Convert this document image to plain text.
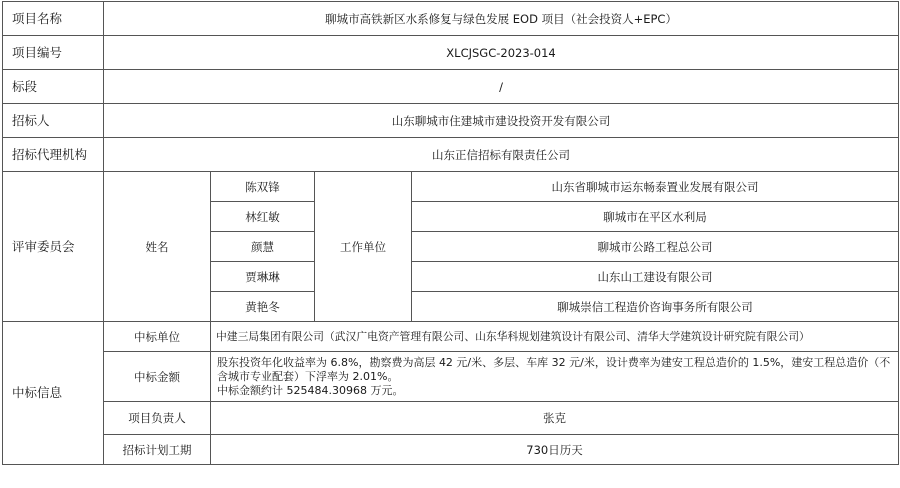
项目名称	聊城市高铁新区水系修复与绿色发展 EOD 项目（社会投资人+EPC）			
项目编号	XLCJSGC-2023-014			
标段	/			
招标人	山东聊城市住建城市建设投资开发有限公司			
招标代理机构	山东正信招标有限责任公司			
评审委员会	姓名	陈双锋	工作单位	山东省聊城市运东畅泰置业发展有限公司
		林红敏		聊城市在平区水利局
		颜慧		聊城市公路工程总公司
		贾琳琳		山东山工建设有限公司
		黄艳冬		聊城崇信工程造价咨询事务所有限公司
中标信息	中标单位	中建三局集团有限公司（武汉广电资产管理有限公司、山东华科规划建筑设计有限公司、清华大学建筑设计研究院有限公司）		
	中标金额	股东投资年化收益率为 6.8%，勘察费为高层 42 元/米、多层、车库 32 元/米，设计费率为建安工程总造价的 1.5%，建安工程总造价（不含城市专业配套）下浮率为 2.01%。
中标金额约计 525484.30968 万元。		

	项目负责人	张克		
	招标计划工期	730日历天		
